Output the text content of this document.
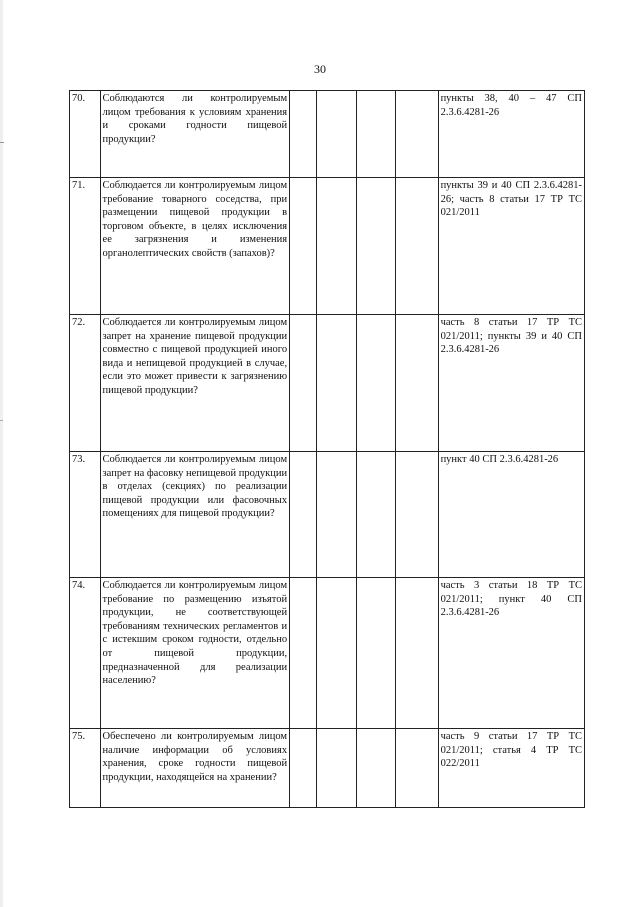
30
70.	Соблюдаются ли контролируемым лицом требования к условиям хранения и сроками годности пищевой продукции?					пункты 38, 40 – 47 СП 2.3.6.4281-26
71.	Соблюдается ли контролируемым лицом требование товарного соседства, при размещении пищевой продукции в торговом объекте, в целях исключения ее загрязнения и изменения органолептических свойств (запахов)?					пункты 39 и 40 СП 2.3.6.4281-26; часть 8 статьи 17 ТР ТС 021/2011
72.	Соблюдается ли контролируемым лицом запрет на хранение пищевой продукции совместно с пищевой продукцией иного вида и непищевой продукцией в случае, если это может привести к загрязнению пищевой продукции?					часть 8 статьи 17 ТР ТС 021/2011; пункты 39 и 40 СП 2.3.6.4281-26
73.	Соблюдается ли контролируемым лицом запрет на фасовку непищевой продукции в отделах (секциях) по реализации пищевой продукции или фасовочных помещениях для пищевой продукции?					пункт 40 СП 2.3.6.4281-26
74.	Соблюдается ли контролируемым лицом требование по размещению изъятой продукции, не соответствующей требованиям технических регламентов и с истекшим сроком годности, отдельно от пищевой продукции, предназначенной для реализации населению?					часть 3 статьи 18 ТР ТС 021/2011; пункт 40 СП 2.3.6.4281-26
75.	Обеспечено ли контролируемым лицом наличие информации об условиях хранения, сроке годности пищевой продукции, находящейся на хранении?					часть 9 статьи 17 ТР ТС 021/2011; статья 4 ТР ТС 022/2011
